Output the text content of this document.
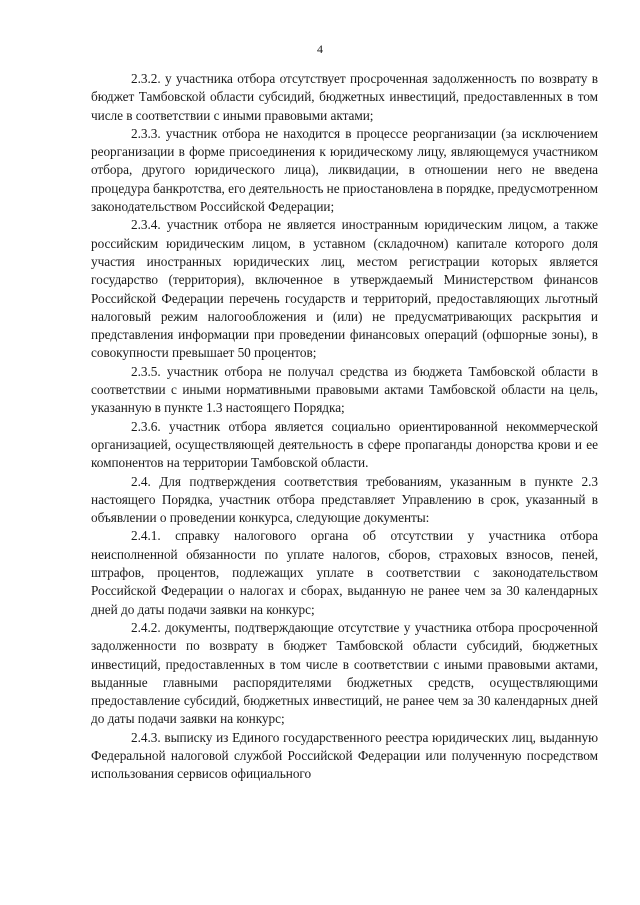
4

2.3.2. у участника отбора отсутствует просроченная задолженность по возврату в бюджет Тамбовской области субсидий, бюджетных инвестиций, предоставленных в том числе в соответствии с иными правовыми актами;

2.3.3. участник отбора не находится в процессе реорганизации (за исключением реорганизации в форме присоединения к юридическому лицу, являющемуся участником отбора, другого юридического лица), ликвидации, в отношении него не введена процедура банкротства, его деятельность не приостановлена в порядке, предусмотренном законодательством Российской Федерации;

2.3.4. участник отбора не является иностранным юридическим лицом, а также российским юридическим лицом, в уставном (складочном) капитале которого доля участия иностранных юридических лиц, местом регистрации которых является государство (территория), включенное в утверждаемый Министерством финансов Российской Федерации перечень государств и территорий, предоставляющих льготный налоговый режим налогообложения и (или) не предусматривающих раскрытия и представления информации при проведении финансовых операций (офшорные зоны), в совокупности превышает 50 процентов;

2.3.5. участник отбора не получал средства из бюджета Тамбовской области в соответствии с иными нормативными правовыми актами Тамбовской области на цель, указанную в пункте 1.3 настоящего Порядка;

2.3.6. участник отбора является социально ориентированной некоммерческой организацией, осуществляющей деятельность в сфере пропаганды донорства крови и ее компонентов на территории Тамбовской области.

2.4. Для подтверждения соответствия требованиям, указанным в пункте 2.3 настоящего Порядка, участник отбора представляет Управлению в срок, указанный в объявлении о проведении конкурса, следующие документы:

2.4.1. справку налогового органа об отсутствии у участника отбора неисполненной обязанности по уплате налогов, сборов, страховых взносов, пеней, штрафов, процентов, подлежащих уплате в соответствии с законодательством Российской Федерации о налогах и сборах, выданную не ранее чем за 30 календарных дней до даты подачи заявки на конкурс;

2.4.2. документы, подтверждающие отсутствие у участника отбора просроченной задолженности по возврату в бюджет Тамбовской области субсидий, бюджетных инвестиций, предоставленных в том числе в соответствии с иными правовыми актами, выданные главными распорядителями бюджетных средств, осуществляющими предоставление субсидий, бюджетных инвестиций, не ранее чем за 30 календарных дней до даты подачи заявки на конкурс;

2.4.3. выписку из Единого государственного реестра юридических лиц, выданную Федеральной налоговой службой Российской Федерации или полученную посредством использования сервисов официального
